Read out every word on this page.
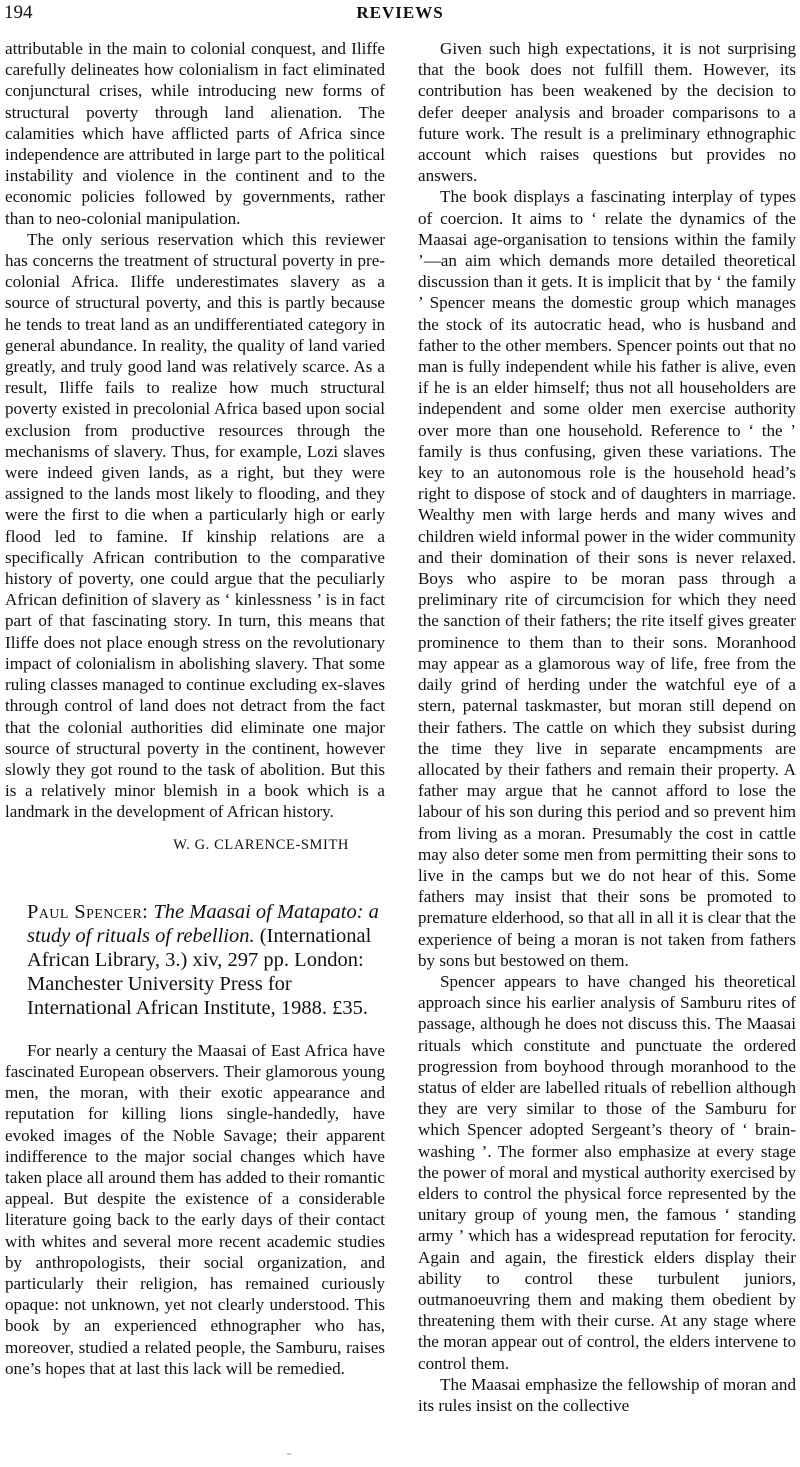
194	REVIEWS

attributable in the main to colonial conquest, and Iliffe carefully delineates how colonialism in fact eliminated conjunctural crises, while introducing new forms of structural poverty through land alienation. The calamities which have afflicted parts of Africa since independence are attributed in large part to the political instability and violence in the continent and to the economic policies followed by governments, rather than to neo-colonial manipulation.

The only serious reservation which this reviewer has concerns the treatment of structural poverty in pre-colonial Africa. Iliffe underestimates slavery as a source of structural poverty, and this is partly because he tends to treat land as an undifferentiated category in general abundance. In reality, the quality of land varied greatly, and truly good land was relatively scarce. As a result, Iliffe fails to realize how much structural poverty existed in precolonial Africa based upon social exclusion from productive resources through the mechanisms of slavery. Thus, for example, Lozi slaves were indeed given lands, as a right, but they were assigned to the lands most likely to flooding, and they were the first to die when a particularly high or early flood led to famine. If kinship relations are a specifically African contribution to the comparative history of poverty, one could argue that the peculiarly African definition of slavery as ‘ kinlessness ’ is in fact part of that fascinating story. In turn, this means that Iliffe does not place enough stress on the revolutionary impact of colonialism in abolishing slavery. That some ruling classes managed to continue excluding ex-slaves through control of land does not detract from the fact that the colonial authorities did eliminate one major source of structural poverty in the continent, however slowly they got round to the task of abolition. But this is a relatively minor blemish in a book which is a landmark in the development of African history.

W. G. CLARENCE-SMITH

Paul Spencer: The Maasai of Matapato: a study of rituals of rebellion. (International African Library, 3.) xiv, 297 pp. London: Manchester University Press for International African Institute, 1988. £35.

For nearly a century the Maasai of East Africa have fascinated European observers. Their glamorous young men, the moran, with their exotic appearance and reputation for killing lions single-handedly, have evoked images of the Noble Savage; their apparent indifference to the major social changes which have taken place all around them has added to their romantic appeal. But despite the existence of a considerable literature going back to the early days of their contact with whites and several more recent academic studies by anthropologists, their social organization, and particularly their religion, has remained curiously opaque: not unknown, yet not clearly understood. This book by an experienced ethnographer who has, moreover, studied a related people, the Samburu, raises one’s hopes that at last this lack will be remedied.

Given such high expectations, it is not surprising that the book does not fulfill them. However, its contribution has been weakened by the decision to defer deeper analysis and broader comparisons to a future work. The result is a preliminary ethnographic account which raises questions but provides no answers.

The book displays a fascinating interplay of types of coercion. It aims to ‘ relate the dynamics of the Maasai age-organisation to tensions within the family ’—an aim which demands more detailed theoretical discussion than it gets. It is implicit that by ‘ the family ’ Spencer means the domestic group which manages the stock of its autocratic head, who is husband and father to the other members. Spencer points out that no man is fully independent while his father is alive, even if he is an elder himself; thus not all householders are independent and some older men exercise authority over more than one household. Reference to ‘ the ’ family is thus confusing, given these variations. The key to an autonomous role is the household head’s right to dispose of stock and of daughters in marriage. Wealthy men with large herds and many wives and children wield informal power in the wider community and their domination of their sons is never relaxed. Boys who aspire to be moran pass through a preliminary rite of circumcision for which they need the sanction of their fathers; the rite itself gives greater prominence to them than to their sons. Moranhood may appear as a glamorous way of life, free from the daily grind of herding under the watchful eye of a stern, paternal taskmaster, but moran still depend on their fathers. The cattle on which they subsist during the time they live in separate encampments are allocated by their fathers and remain their property. A father may argue that he cannot afford to lose the labour of his son during this period and so prevent him from living as a moran. Presumably the cost in cattle may also deter some men from permitting their sons to live in the camps but we do not hear of this. Some fathers may insist that their sons be promoted to premature elderhood, so that all in all it is clear that the experience of being a moran is not taken from fathers by sons but bestowed on them.

Spencer appears to have changed his theoretical approach since his earlier analysis of Samburu rites of passage, although he does not discuss this. The Maasai rituals which constitute and punctuate the ordered progression from boyhood through moranhood to the status of elder are labelled rituals of rebellion although they are very similar to those of the Samburu for which Spencer adopted Sergeant’s theory of ‘ brain-washing ’. The former also emphasize at every stage the power of moral and mystical authority exercised by elders to control the physical force represented by the unitary group of young men, the famous ‘ standing army ’ which has a widespread reputation for ferocity. Again and again, the firestick elders display their ability to control these turbulent juniors, outmanoeuvring them and making them obedient by threatening them with their curse. At any stage where the moran appear out of control, the elders intervene to control them.

The Maasai emphasize the fellowship of moran and its rules insist on the collective
